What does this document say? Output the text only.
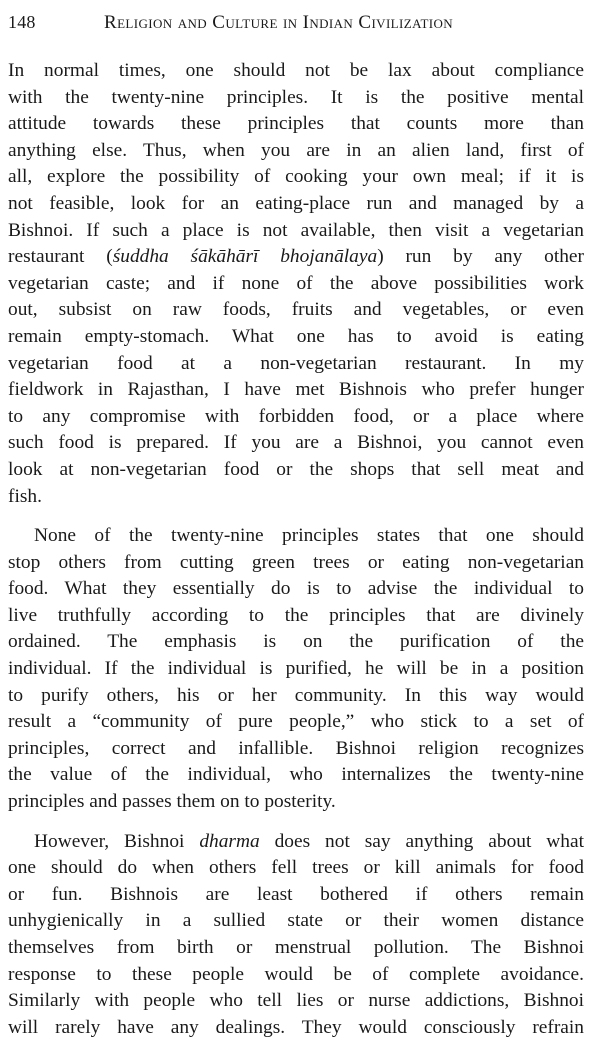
148	Religion and Culture in Indian Civilization
In normal times, one should not be lax about compliance
with the twenty-nine principles. It is the positive mental
attitude towards these principles that counts more than
anything else. Thus, when you are in an alien land, first of
all, explore the possibility of cooking your own meal; if it is
not feasible, look for an eating-place run and managed by a
Bishnoi. If such a place is not available, then visit a vegetarian
restaurant (śuddha śākāhārī bhojanālaya) run by any other
vegetarian caste; and if none of the above possibilities work
out, subsist on raw foods, fruits and vegetables, or even
remain empty-stomach. What one has to avoid is eating
vegetarian food at a non-vegetarian restaurant. In my
fieldwork in Rajasthan, I have met Bishnois who prefer hunger
to any compromise with forbidden food, or a place where
such food is prepared. If you are a Bishnoi, you cannot even
look at non-vegetarian food or the shops that sell meat and
fish.
None of the twenty-nine principles states that one should
stop others from cutting green trees or eating non-vegetarian
food. What they essentially do is to advise the individual to
live truthfully according to the principles that are divinely
ordained. The emphasis is on the purification of the
individual. If the individual is purified, he will be in a position
to purify others, his or her community. In this way would
result a “community of pure people,” who stick to a set of
principles, correct and infallible. Bishnoi religion recognizes
the value of the individual, who internalizes the twenty-nine
principles and passes them on to posterity.
However, Bishnoi dharma does not say anything about what
one should do when others fell trees or kill animals for food
or fun. Bishnois are least bothered if others remain
unhygienically in a sullied state or their women distance
themselves from birth or menstrual pollution. The Bishnoi
response to these people would be of complete avoidance.
Similarly with people who tell lies or nurse addictions, Bishnoi
will rarely have any dealings. They would consciously refrain
